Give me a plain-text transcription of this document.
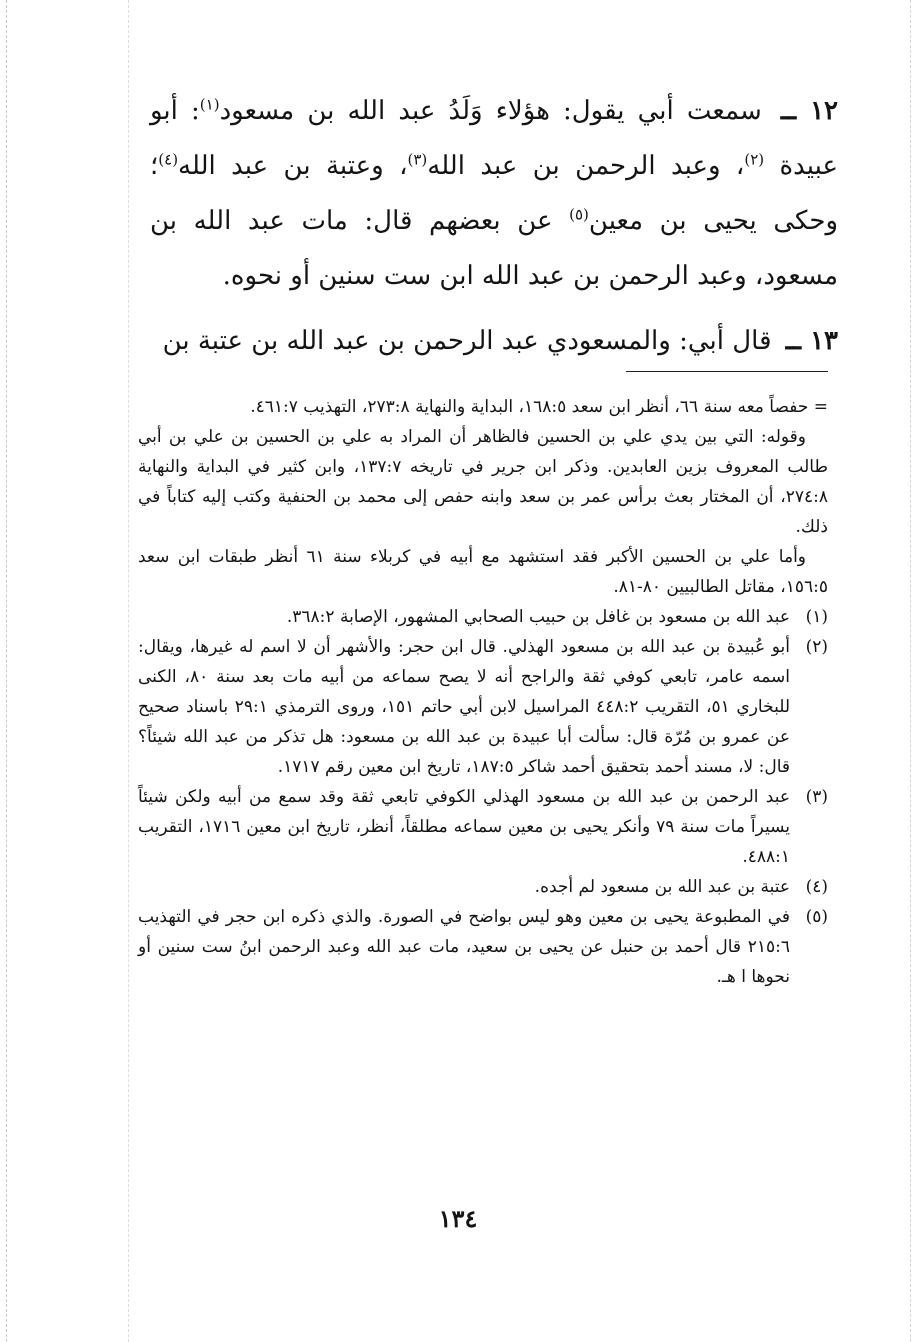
١٢ ــ سمعت أبي يقول: هؤلاء وَلَدُ عبد الله بن مسعود$^{(١)}$: أبو عبيدة $^{(٢)}$، وعبد الرحمن بن عبد الله$^{(٣)}$، وعتبة بن عبد الله$^{(٤)}$؛ وحكى يحيى بن معين$^{(٥)}$ عن بعضهم قال: مات عبد الله بن مسعود، وعبد الرحمن بن عبد الله ابن ست سنين أو نحوه.

١٣ ــ قال أبي: والمسعودي عبد الرحمن بن عبد الله بن عتبة بن

= حفصاً معه سنة ٦٦، أنظر ابن سعد ١٦٨:٥، البداية والنهاية ٢٧٣:٨، التهذيب ٤٦١:٧.

وقوله: التي بين يدي علي بن الحسين فالظاهر أن المراد به علي بن الحسين بن علي بن أبي طالب المعروف بزين العابدين. وذكر ابن جرير في تاريخه ١٣٧:٧، وابن كثير في البداية والنهاية ٢٧٤:٨، أن المختار بعث برأس عمر بن سعد وابنه حفص إلى محمد بن الحنفية وكتب إليه كتاباً في ذلك.

وأما علي بن الحسين الأكبر فقد استشهد مع أبيه في كربلاء سنة ٦١ أنظر طبقات ابن سعد ١٥٦:٥، مقاتل الطالبيين ٨٠-٨١.

(١)
عبد الله بن مسعود بن غافل بن حبيب الصحابي المشهور، الإصابة ٣٦٨:٢.
(٢)
أبو عُبيدة بن عبد الله بن مسعود الهذلي. قال ابن حجر: والأشهر أن لا اسم له غيرها، ويقال: اسمه عامر، تابعي كوفي ثقة والراجح أنه لا يصح سماعه من أبيه مات بعد سنة ٨٠، الكنى للبخاري ٥١، التقريب ٤٤٨:٢ المراسيل لابن أبي حاتم ١٥١، وروى الترمذي ٢٩:١ باسناد صحيح عن عمرو بن مُرّة قال: سألت أبا عبيدة بن عبد الله بن مسعود: هل تذكر من عبد الله شيئاً؟ قال: لا، مسند أحمد بتحقيق أحمد شاكر ١٨٧:٥، تاريخ ابن معين رقم ١٧١٧.
(٣)
عبد الرحمن بن عبد الله بن مسعود الهذلي الكوفي تابعي ثقة وقد سمع من أبيه ولكن شيئاً يسيراً مات سنة ٧٩ وأنكر يحيى بن معين سماعه مطلقاً، أنظر، تاريخ ابن معين ١٧١٦، التقريب ٤٨٨:١.
(٤)
عتبة بن عبد الله بن مسعود لم أجده.
(٥)
في المطبوعة يحيى بن معين وهو ليس بواضح في الصورة. والذي ذكره ابن حجر في التهذيب ٢١٥:٦ قال أحمد بن حنبل عن يحيى بن سعيد، مات عبد الله وعبد الرحمن ابنُ ست سنين أو نحوها ا هـ.
١٣٤
